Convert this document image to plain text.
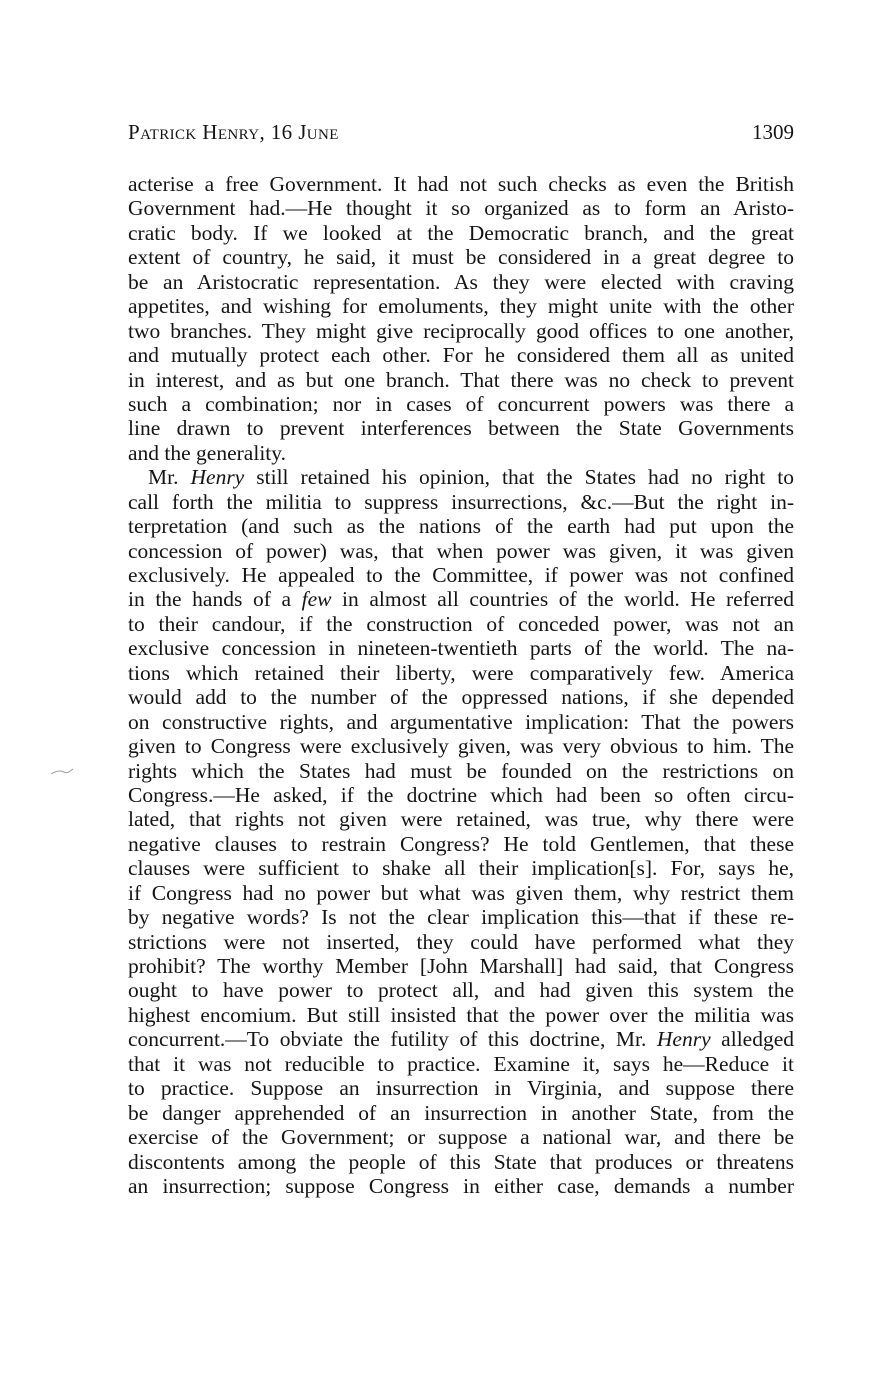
Patrick Henry, 16 June	1309
acterise a free Government. It had not such checks as even the British
Government had.—He thought it so organized as to form an Aristo-
cratic body. If we looked at the Democratic branch, and the great
extent of country, he said, it must be considered in a great degree to
be an Aristocratic representation. As they were elected with craving
appetites, and wishing for emoluments, they might unite with the other
two branches. They might give reciprocally good offices to one another,
and mutually protect each other. For he considered them all as united
in interest, and as but one branch. That there was no check to prevent
such a combination; nor in cases of concurrent powers was there a
line drawn to prevent interferences between the State Governments
and the generality.
Mr. Henry still retained his opinion, that the States had no right to
call forth the militia to suppress insurrections, &c.—But the right in-
terpretation (and such as the nations of the earth had put upon the
concession of power) was, that when power was given, it was given
exclusively. He appealed to the Committee, if power was not confined
in the hands of a few in almost all countries of the world. He referred
to their candour, if the construction of conceded power, was not an
exclusive concession in nineteen-twentieth parts of the world. The na-
tions which retained their liberty, were comparatively few. America
would add to the number of the oppressed nations, if she depended
on constructive rights, and argumentative implication: That the powers
given to Congress were exclusively given, was very obvious to him. The
rights which the States had must be founded on the restrictions on
Congress.—He asked, if the doctrine which had been so often circu-
lated, that rights not given were retained, was true, why there were
negative clauses to restrain Congress? He told Gentlemen, that these
clauses were sufficient to shake all their implication[s]. For, says he,
if Congress had no power but what was given them, why restrict them
by negative words? Is not the clear implication this—that if these re-
strictions were not inserted, they could have performed what they
prohibit? The worthy Member [John Marshall] had said, that Congress
ought to have power to protect all, and had given this system the
highest encomium. But still insisted that the power over the militia was
concurrent.—To obviate the futility of this doctrine, Mr. Henry alledged
that it was not reducible to practice. Examine it, says he—Reduce it
to practice. Suppose an insurrection in Virginia, and suppose there
be danger apprehended of an insurrection in another State, from the
exercise of the Government; or suppose a national war, and there be
discontents among the people of this State that produces or threatens
an insurrection; suppose Congress in either case, demands a number
